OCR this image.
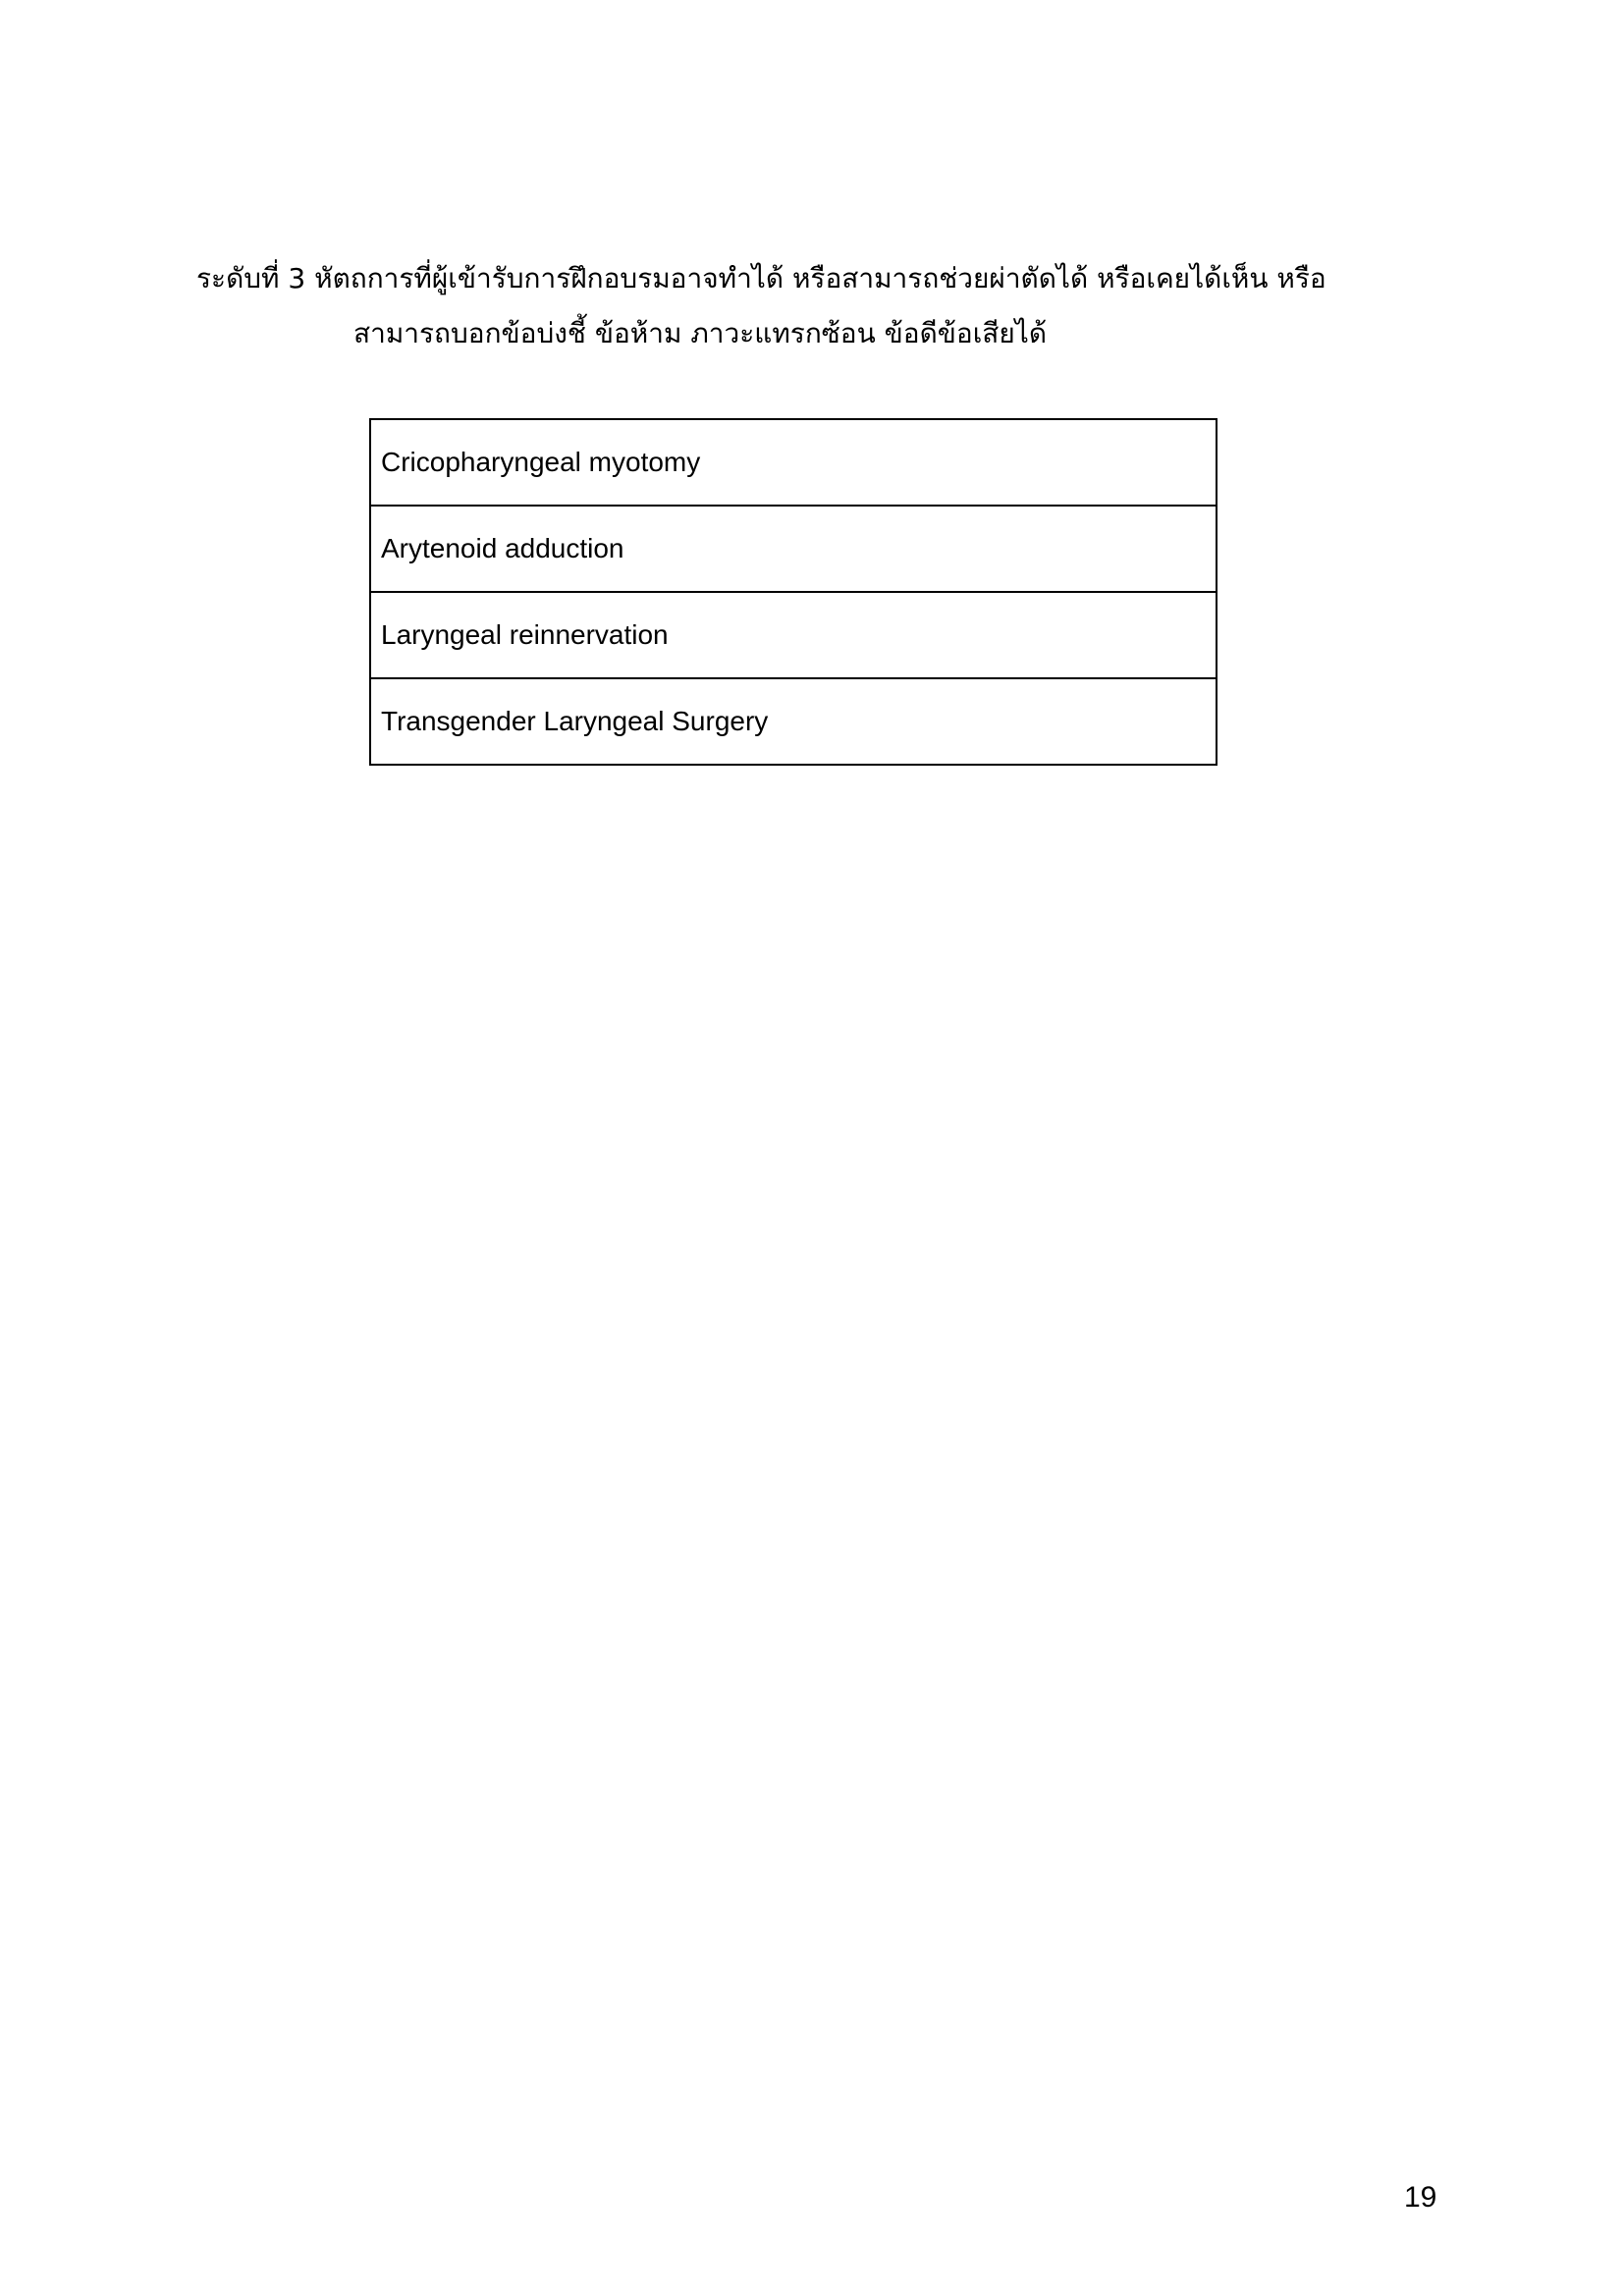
ระดับที่ 3 หัตถการที่ผู้เข้ารับการฝึกอบรมอาจทำได้ หรือสามารถช่วยผ่าตัดได้ หรือเคยได้เห็น หรือ
สามารถบอกข้อบ่งชี้ ข้อห้าม ภาวะแทรกซ้อน ข้อดีข้อเสียได้
Cricopharyngeal myotomy
Arytenoid adduction
Laryngeal reinnervation
Transgender Laryngeal Surgery
19
